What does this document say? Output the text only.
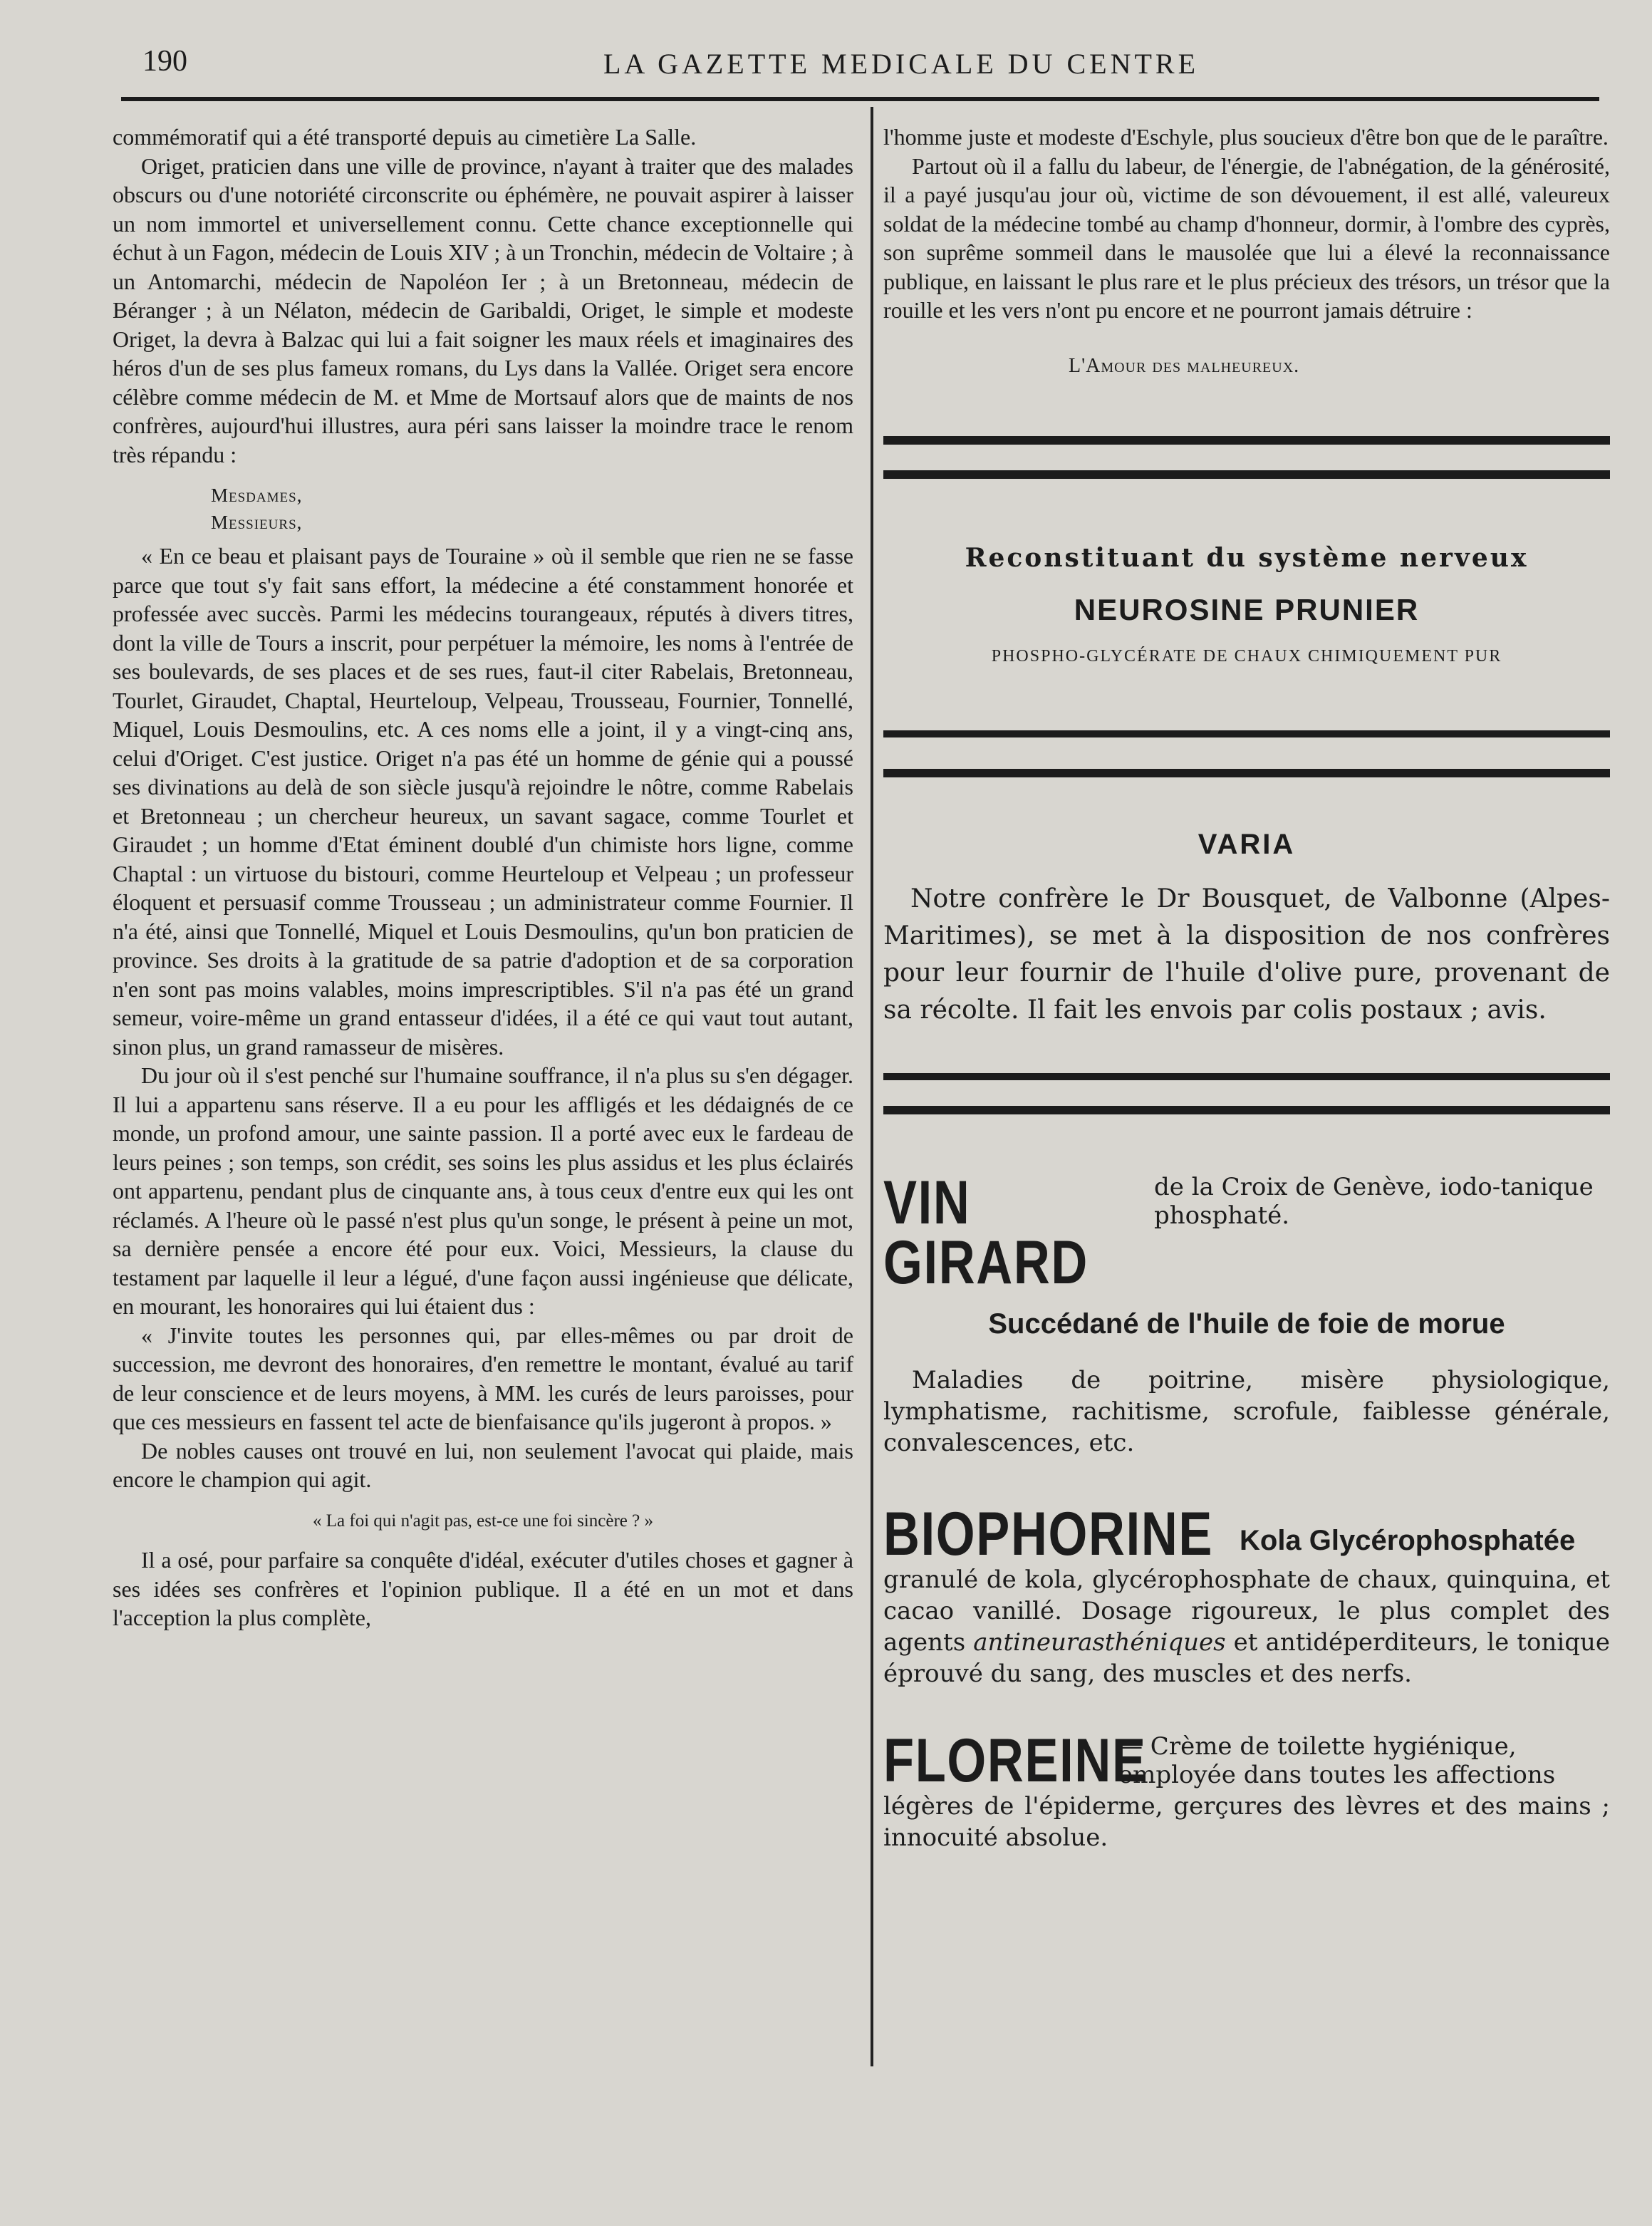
190	LA GAZETTE MEDICALE DU CENTRE

commémoratif qui a été transporté depuis au cimetière La Salle.

Origet, praticien dans une ville de province, n'ayant à traiter que des malades obscurs ou d'une notoriété circonscrite ou éphémère, ne pouvait aspirer à laisser un nom immortel et universellement connu. Cette chance exceptionnelle qui échut à un Fagon, médecin de Louis XIV ; à un Tronchin, médecin de Voltaire ; à un Antomarchi, médecin de Napoléon Ier ; à un Bretonneau, médecin de Béranger ; à un Nélaton, médecin de Garibaldi, Origet, le simple et modeste Origet, la devra à Balzac qui lui a fait soigner les maux réels et imaginaires des héros d'un de ses plus fameux romans, du Lys dans la Vallée. Origet sera encore célèbre comme médecin de M. et Mme de Mortsauf alors que de maints de nos confrères, aujourd'hui illustres, aura péri sans laisser la moindre trace le renom très répandu :

Mesdames,
Messieurs,

« En ce beau et plaisant pays de Touraine » où il semble que rien ne se fasse parce que tout s'y fait sans effort, la médecine a été constamment honorée et professée avec succès. Parmi les médecins tourangeaux, réputés à divers titres, dont la ville de Tours a inscrit, pour perpétuer la mémoire, les noms à l'entrée de ses boulevards, de ses places et de ses rues, faut-il citer Rabelais, Bretonneau, Tourlet, Giraudet, Chaptal, Heurteloup, Velpeau, Trousseau, Fournier, Tonnellé, Miquel, Louis Desmoulins, etc. A ces noms elle a joint, il y a vingt-cinq ans, celui d'Origet. C'est justice. Origet n'a pas été un homme de génie qui a poussé ses divinations au delà de son siècle jusqu'à rejoindre le nôtre, comme Rabelais et Bretonneau ; un chercheur heureux, un savant sagace, comme Tourlet et Giraudet ; un homme d'Etat éminent doublé d'un chimiste hors ligne, comme Chaptal : un virtuose du bistouri, comme Heurteloup et Velpeau ; un professeur éloquent et persuasif comme Trousseau ; un administrateur comme Fournier. Il n'a été, ainsi que Tonnellé, Miquel et Louis Desmoulins, qu'un bon praticien de province. Ses droits à la gratitude de sa patrie d'adoption et de sa corporation n'en sont pas moins valables, moins imprescriptibles. S'il n'a pas été un grand semeur, voire-même un grand entasseur d'idées, il a été ce qui vaut tout autant, sinon plus, un grand ramasseur de misères.

Du jour où il s'est penché sur l'humaine souffrance, il n'a plus su s'en dégager. Il lui a appartenu sans réserve. Il a eu pour les affligés et les dédaignés de ce monde, un profond amour, une sainte passion. Il a porté avec eux le fardeau de leurs peines ; son temps, son crédit, ses soins les plus assidus et les plus éclairés ont appartenu, pendant plus de cinquante ans, à tous ceux d'entre eux qui les ont réclamés. A l'heure où le passé n'est plus qu'un songe, le présent à peine un mot, sa dernière pensée a encore été pour eux. Voici, Messieurs, la clause du testament par laquelle il leur a légué, d'une façon aussi ingénieuse que délicate, en mourant, les honoraires qui lui étaient dus :

« J'invite toutes les personnes qui, par elles-mêmes ou par droit de succession, me devront des honoraires, d'en remettre le montant, évalué au tarif de leur conscience et de leurs moyens, à MM. les curés de leurs paroisses, pour que ces messieurs en fassent tel acte de bienfaisance qu'ils jugeront à propos. »

De nobles causes ont trouvé en lui, non seulement l'avocat qui plaide, mais encore le champion qui agit.

« La foi qui n'agit pas, est-ce une foi sincère ? »

Il a osé, pour parfaire sa conquête d'idéal, exécuter d'utiles choses et gagner à ses idées ses confrères et l'opinion publique. Il a été en un mot et dans l'acception la plus complète,

l'homme juste et modeste d'Eschyle, plus soucieux d'être bon que de le paraître.

Partout où il a fallu du labeur, de l'énergie, de l'abnégation, de la générosité, il a payé jusqu'au jour où, victime de son dévouement, il est allé, valeureux soldat de la médecine tombé au champ d'honneur, dormir, à l'ombre des cyprès, son suprême sommeil dans le mausolée que lui a élevé la reconnaissance publique, en laissant le plus rare et le plus précieux des trésors, un trésor que la rouille et les vers n'ont pu encore et ne pourront jamais détruire :

L'Amour des malheureux.
Reconstituant du système nerveux
NEUROSINE PRUNIER
PHOSPHO-GLYCÉRATE DE CHAUX CHIMIQUEMENT PUR
VARIA
Notre confrère le Dr Bousquet, de Valbonne (Alpes-Maritimes), se met à la disposition de nos confrères pour leur fournir de l'huile d'olive pure, provenant de sa récolte. Il fait les envois par colis postaux ; avis.
VIN GIRARD
de la Croix de Genève, iodo-tanique phosphaté.
Succédané de l'huile de foie de morue
Maladies de poitrine, misère physiologique, lymphatisme, rachitisme, scrofule, faiblesse générale, convalescences, etc.
BIOPHORINE Kola Glycérophosphatée
granulé de kola, glycérophosphate de chaux, quinquina, et cacao vanillé. Dosage rigoureux, le plus complet des agents antineurasthéniques et antidéperditeurs, le tonique éprouvé du sang, des muscles et des nerfs.
FLOREINE
— Crème de toilette hygiénique, employée dans toutes les affections
légères de l'épiderme, gerçures des lèvres et des mains ; innocuité absolue.
